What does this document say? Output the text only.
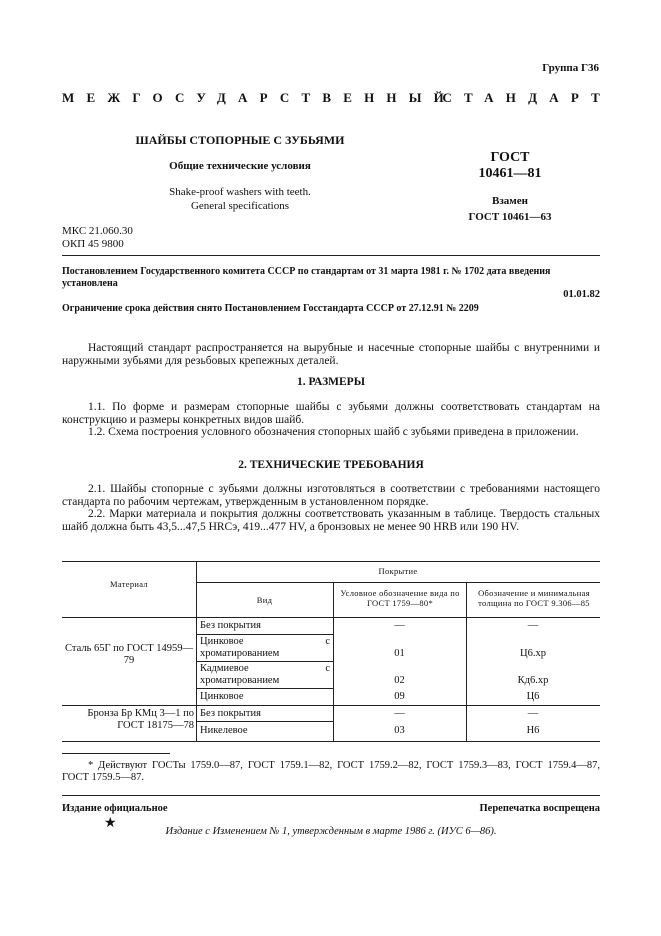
Группа Г36
МЕЖГОСУДАРСТВЕННЫЙ
СТАНДАРТ
ШАЙБЫ СТОПОРНЫЕ С ЗУБЬЯМИ
Общие технические условия
Shake-proof washers with teeth.
General specifications
ГОСТ
10461—81
Взамен
ГОСТ 10461—63
МКС 21.060.30
ОКП 45 9800
Постановлением Государственного комитета СССР по стандартам от 31 марта 1981 г. № 1702 дата введения установлена
01.01.82
Ограничение срока действия снято Постановлением Госстандарта СССР от 27.12.91 № 2209

Настоящий стандарт распространяется на вырубные и насечные стопорные шайбы с внутренними и наружными зубьями для резьбовых крепежных деталей.

1. РАЗМЕРЫ

1.1. По форме и размерам стопорные шайбы с зубьями должны соответствовать стандартам на конструкцию и размеры конкретных видов шайб.

1.2. Схема построения условного обозначения стопорных шайб с зубьями приведена в приложении.

2. ТЕХНИЧЕСКИЕ ТРЕБОВАНИЯ

2.1. Шайбы стопорные с зубьями должны изготовляться в соответствии с требованиями настоящего стандарта по рабочим чертежам, утвержденным в установленном порядке.

2.2. Марки материала и покрытия должны соответствовать указанным в таблице. Твердость стальных шайб должна быть 43,5...47,5 HRCэ, 419...477 HV, а бронзовых не менее 90 HRB или 190 HV.

Материал
Покрытие
Вид
Условное обозначение вида по ГОСТ 1759—80*
Обозначение и минимальная толщина по ГОСТ 9.306—85
Сталь 65Г по ГОСТ 14959—79
Без покрытия	—	—
Цинковое с хроматированием	01	Ц6.хр
Кадмиевое с хроматированием	02	Кд6.хр
Цинковое	09	Ц6
Бронза Бр КМц 3—1 по ГОСТ 18175—78
Без покрытия	—	—
Никелевое	03	Н6

* Действуют ГОСТы 1759.0—87, ГОСТ 1759.1—82, ГОСТ 1759.2—82, ГОСТ 1759.3—83, ГОСТ 1759.4—87, ГОСТ 1759.5—87.

Издание официальное	Перепечатка воспрещена
★
Издание с Изменением № 1, утвержденным в марте 1986 г. (ИУС 6—86).
